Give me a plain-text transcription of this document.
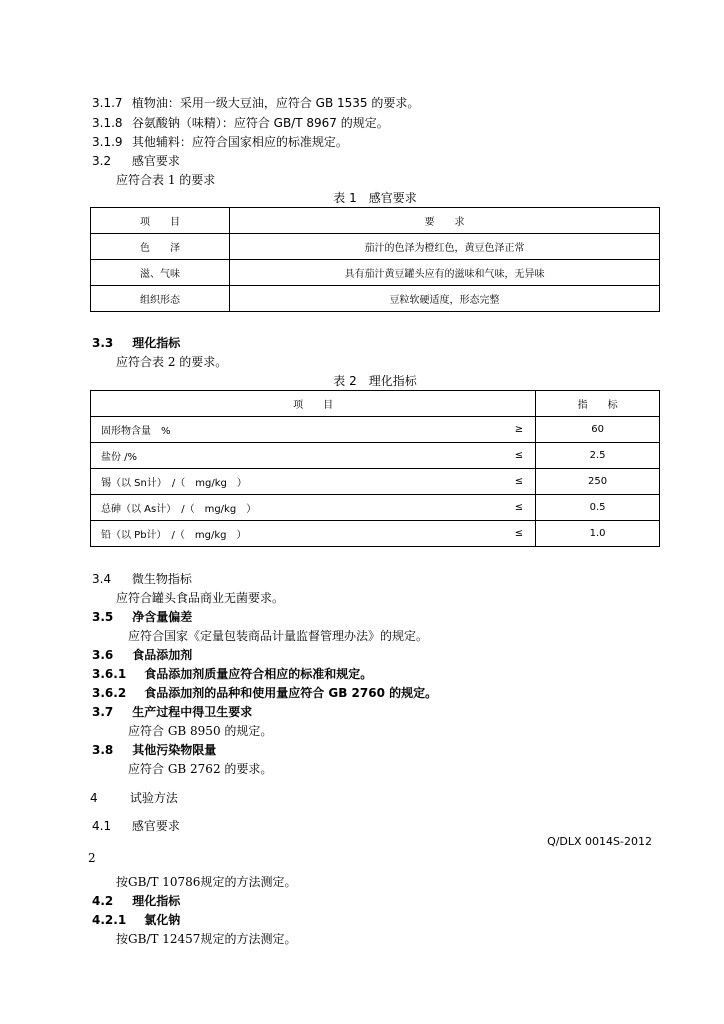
3.1.7 植物油：采用一级大豆油，应符合 GB 1535 的要求。
3.1.8 谷氨酸钠（味精）：应符合 GB/T 8967 的规定。
3.1.9 其他辅料：应符合国家相应的标准规定。
3.2 感官要求
应符合表 1 的要求
表 1　感官要求
项　　目	要　　求
色　　泽	茄汁的色泽为橙红色，黄豆色泽正常
滋、气味	具有茄汁黄豆罐头应有的滋味和气味，无异味
组织形态	豆粒软硬适度，形态完整
3.3 理化指标
应符合表 2 的要求。
表 2　理化指标
项　　目		指　　标
固形物含量　%	≥	60
盐份 /%	≤	2.5
锡（以 Sn计）　/（　mg/kg　）	≤	250
总砷（以 As计）　/（　mg/kg　）	≤	0.5
铅（以 Pb计）　/（　mg/kg　）	≤	1.0
3.4 微生物指标
应符合罐头食品商业无菌要求。
3.5 净含量偏差
应符合国家《定量包装商品计量监督管理办法》的规定。
3.6 食品添加剂
3.6.1 食品添加剂质量应符合相应的标准和规定。
3.6.2 食品添加剂的品种和使用量应符合 GB 2760 的规定。
3.7 生产过程中得卫生要求
应符合 GB 8950 的规定。
3.8 其他污染物限量
应符合 GB 2762 的要求。
4	试验方法
4.1 感官要求
Q/DLX 0014S-2012
2
按GB/T 10786规定的方法测定。
4.2 理化指标
4.2.1 氯化钠
按GB/T 12457规定的方法测定。
